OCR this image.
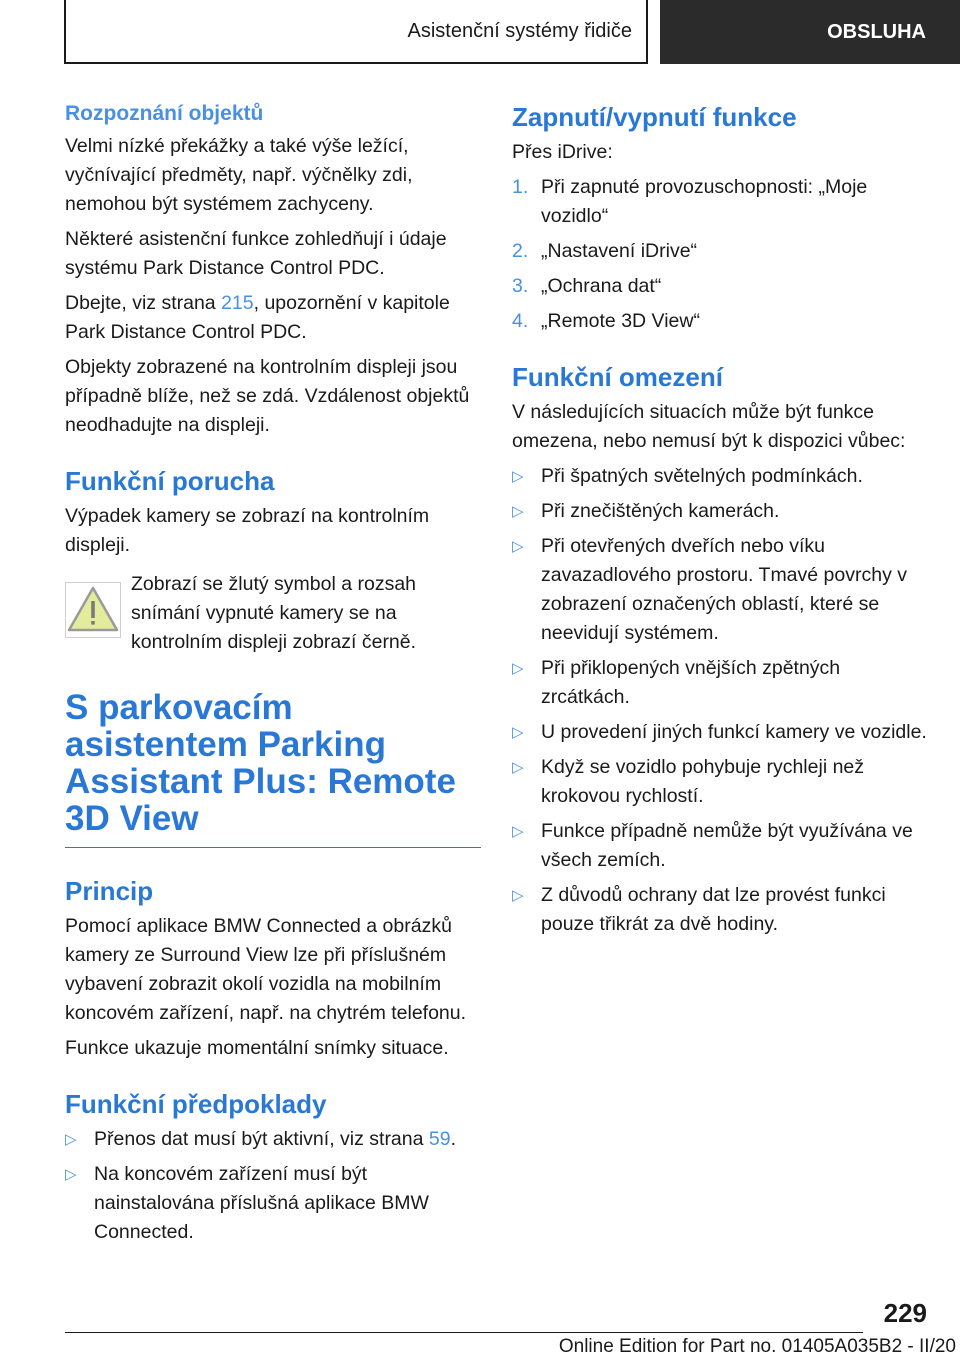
Asistenční systémy řidiče	OBSLUHA
Rozpoznání objektů

Velmi nízké překážky a také výše ležící, vyčnívající předměty, např. výčnělky zdi, nemohou být systémem zachyceny.

Některé asistenční funkce zohledňují i údaje systému Park Distance Control PDC.

Dbejte, viz strana 215, upozornění v kapitole Park Distance Control PDC.

Objekty zobrazené na kontrolním displeji jsou případně blíže, než se zdá. Vzdálenost objektů neodhadujte na displeji.

Funkční porucha

Výpadek kamery se zobrazí na kontrolním displeji.

Zobrazí se žlutý symbol a rozsah snímání vypnuté kamery se na kontrolním displeji zobrazí černě.

S parkovacím asistentem Parking Assistant Plus: Remote 3D View
Princip

Pomocí aplikace BMW Connected a obrázků kamery ze Surround View lze při příslušném vybavení zobrazit okolí vozidla na mobilním koncovém zařízení, např. na chytrém telefonu.

Funkce ukazuje momentální snímky situace.

Funkční předpoklady
▷ Přenos dat musí být aktivní, viz strana 59.
▷ Na koncovém zařízení musí být nainstalována příslušná aplikace BMW Connected.
Zapnutí/vypnutí funkce

Přes iDrive:

1. Při zapnuté provozuschopnosti: „Moje vozidlo“
2. „Nastavení iDrive“
3. „Ochrana dat“
4. „Remote 3D View“
Funkční omezení

V následujících situacích může být funkce omezena, nebo nemusí být k dispozici vůbec:

▷ Při špatných světelných podmínkách.
▷ Při znečištěných kamerách.
▷ Při otevřených dveřích nebo víku zavazadlového prostoru. Tmavé povrchy v zobrazení označených oblastí, které se neevidují systémem.
▷ Při přiklopených vnějších zpětných zrcátkách.
▷ U provedení jiných funkcí kamery ve vozidle.
▷ Když se vozidlo pohybuje rychleji než krokovou rychlostí.
▷ Funkce případně nemůže být využívána ve všech zemích.
▷ Z důvodů ochrany dat lze provést funkci pouze třikrát za dvě hodiny.
229
Online Edition for Part no. 01405A035B2 - II/20
